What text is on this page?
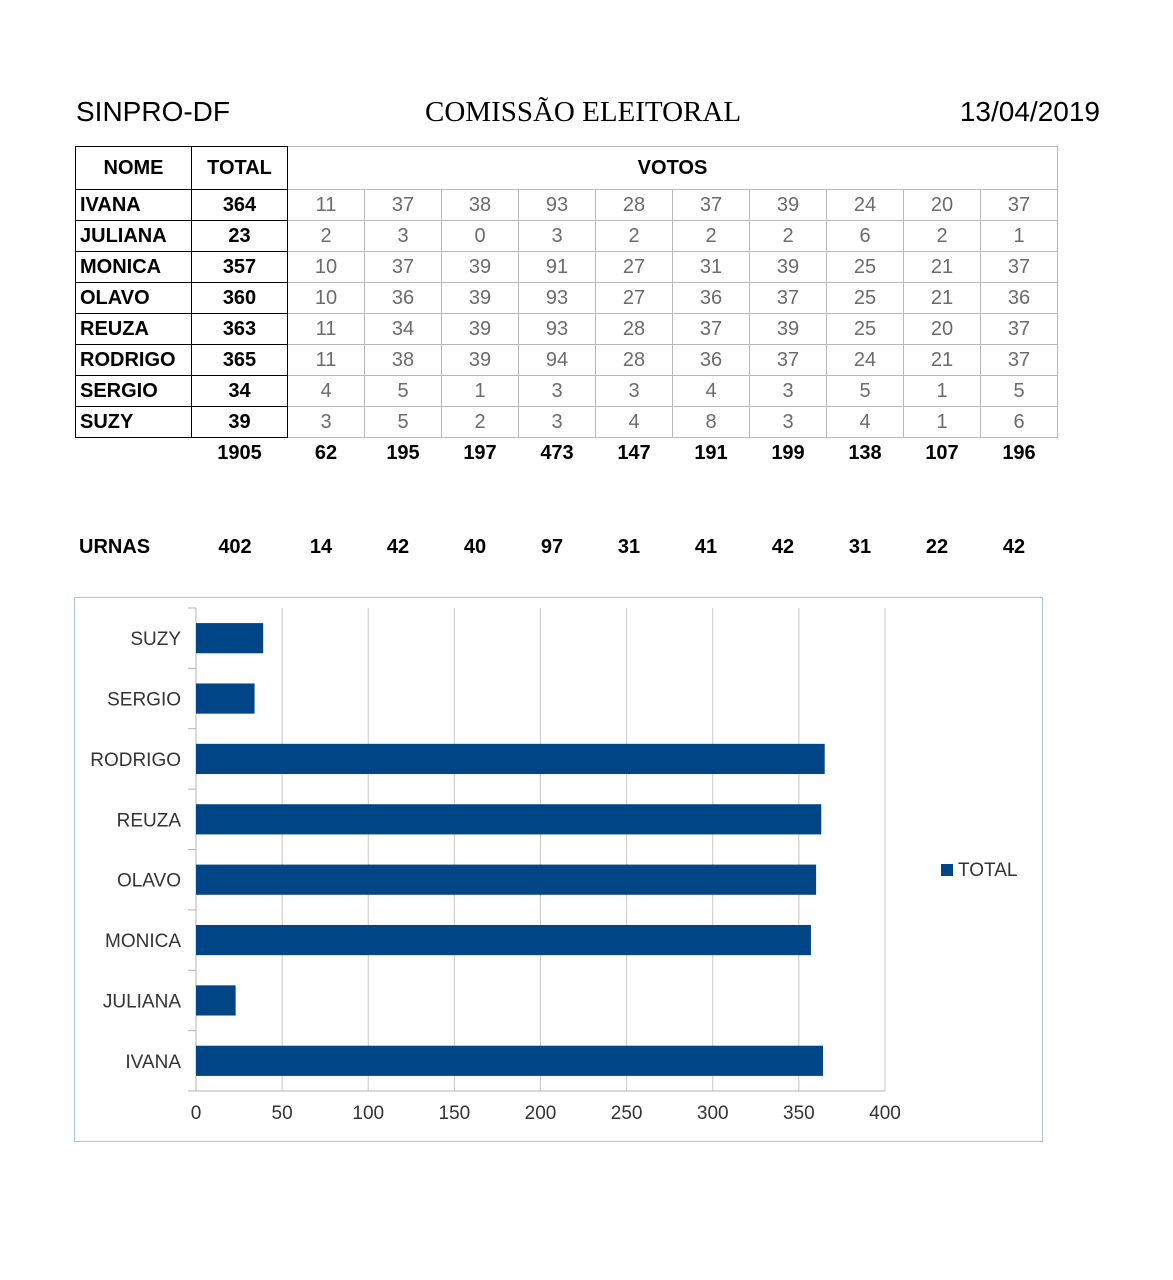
SINPRO-DF	COMISSÃO ELEITORAL	13/04/2019
NOME	TOTAL	VOTOS									
IVANA	364	11	37	38	93	28	37	39	24	20	37
JULIANA	23	2	3	0	3	2	2	2	6	2	1
MONICA	357	10	37	39	91	27	31	39	25	21	37
OLAVO	360	10	36	39	93	27	36	37	25	21	36
REUZA	363	11	34	39	93	28	37	39	25	20	37
RODRIGO	365	11	38	39	94	28	36	37	24	21	37
SERGIO	34	4	5	1	3	3	4	3	5	1	5
SUZY	39	3	5	2	3	4	8	3	4	1	6
	1905	62	195	197	473	147	191	199	138	107	196
URNAS	402	14	42	40	97	31	41	42	31	22	42
0	50	100	150	200	250	300	350	400
IVANA
JULIANA
MONICA
OLAVO
REUZA
RODRIGO
SERGIO
SUZY
TOTAL
